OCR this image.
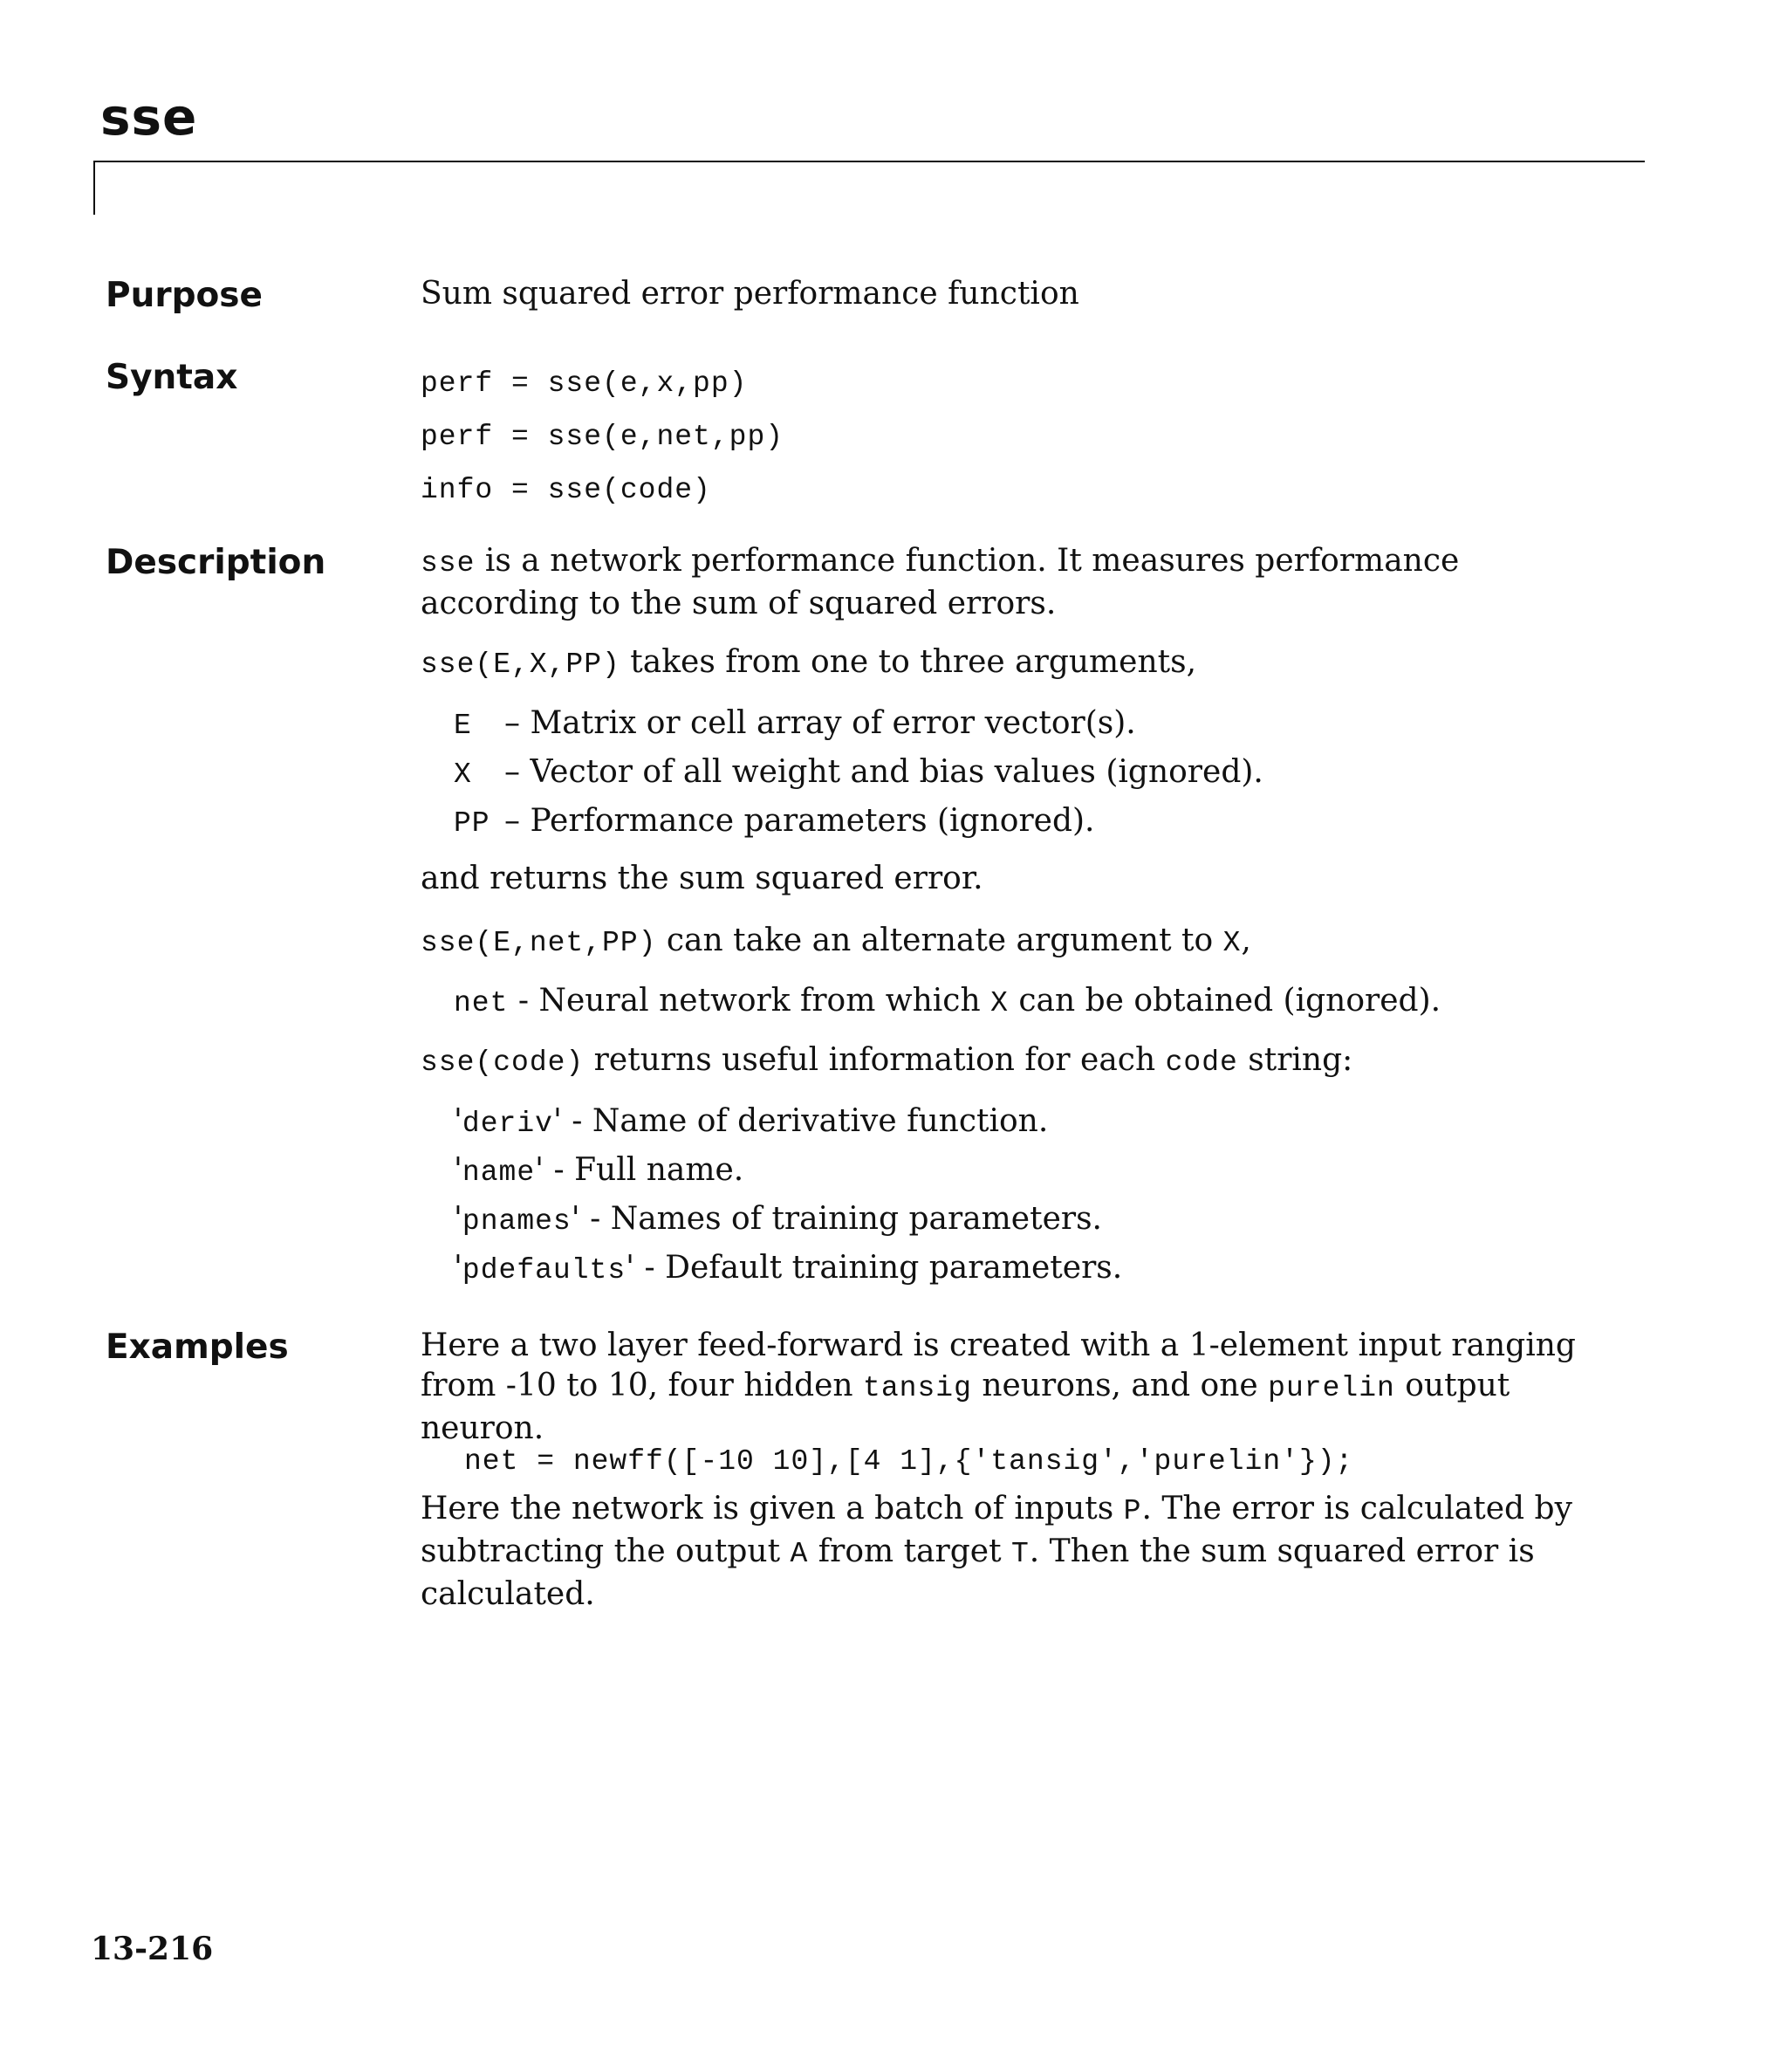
sse
Purpose	Sum squared error performance function
Syntax	perf = sse(e,x,pp)
perf = sse(e,net,pp)
info = sse(code)
Description	sse is a network performance function. It measures performance according to the sum of squared errors.
sse(E,X,PP) takes from one to three arguments,
E – Matrix or cell array of error vector(s).
X – Vector of all weight and bias values (ignored).
PP – Performance parameters (ignored).
and returns the sum squared error.
sse(E,net,PP) can take an alternate argument to X,
net - Neural network from which X can be obtained (ignored).
sse(code) returns useful information for each code string:
'deriv' - Name of derivative function.
'name' - Full name.
'pnames' - Names of training parameters.
'pdefaults' - Default training parameters.
Examples	Here a two layer feed-forward is created with a 1-element input ranging from -10 to 10, four hidden tansig neurons, and one purelin output neuron.
net = newff([-10 10],[4 1],{'tansig','purelin'});
Here the network is given a batch of inputs P. The error is calculated by subtracting the output A from target T. Then the sum squared error is calculated.
13-216
